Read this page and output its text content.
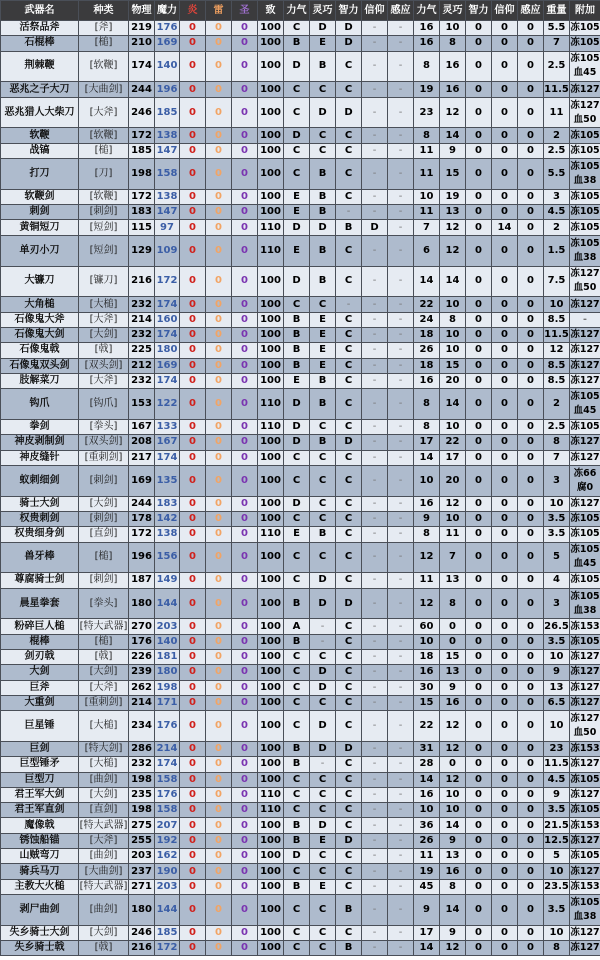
武器名	种类	物理	魔力	炎	雷	圣	致	力气	灵巧	智力	信仰	感应	力气	灵巧	智力	信仰	感应	重量	附加
活祭品斧	[斧]	219	176	0	0	0	100	C	D	D	-	-	16	10	0	0	0	5.5	冻105

石棍棒	[槌]	210	169	0	0	0	100	B	E	D	-	-	16	8	0	0	0	7	冻105

荆棘鞭	[软鞭]	174	140	0	0	0	100	D	B	C	-	-	8	16	0	0	0	2.5	冻105
血45

恶兆之子大刀	[大曲剑]	244	196	0	0	0	100	C	C	C	-	-	19	16	0	0	0	11.5	冻127

恶兆猎人大柴刀	[大斧]	246	185	0	0	0	100	C	D	D	-	-	23	12	0	0	0	11	冻127
血50

软鞭	[软鞭]	172	138	0	0	0	100	D	C	C	-	-	8	14	0	0	0	2	冻105

战镐	[槌]	185	147	0	0	0	100	C	C	C	-	-	11	9	0	0	0	2.5	冻105

打刀	[刀]	198	158	0	0	0	100	C	B	C	-	-	11	15	0	0	0	5.5	冻105
血38

软鞭剑	[软鞭]	172	138	0	0	0	100	E	B	C	-	-	10	19	0	0	0	3	冻105

刺剑	[刺剑]	183	147	0	0	0	100	E	B	-	-	-	11	13	0	0	0	4.5	冻105

黄铜短刀	[短剑]	115	97	0	0	0	110	D	D	B	D	-	7	12	0	14	0	2	冻105

单刃小刀	[短剑]	129	109	0	0	0	110	E	B	C	-	-	6	12	0	0	0	1.5	冻105
血38

大镰刀	[镰刀]	216	172	0	0	0	100	D	B	C	-	-	14	14	0	0	0	7.5	冻127
血50

大角槌	[大槌]	232	174	0	0	0	100	C	C	-	-	-	22	10	0	0	0	10	冻127

石像鬼大斧	[大斧]	214	160	0	0	0	100	B	E	C	-	-	24	8	0	0	0	8.5	-

石像鬼大剑	[大剑]	232	174	0	0	0	100	B	E	C	-	-	18	10	0	0	0	11.5	冻127

石像鬼戟	[戟]	225	180	0	0	0	100	B	E	C	-	-	26	10	0	0	0	12	冻127

石像鬼双头剑	[双头剑]	212	169	0	0	0	100	B	E	C	-	-	18	15	0	0	0	8.5	冻127

肢解菜刀	[大斧]	232	174	0	0	0	100	E	B	C	-	-	16	20	0	0	0	8.5	冻127

钩爪	[钩爪]	153	122	0	0	0	110	D	B	C	-	-	8	14	0	0	0	2	冻105
血45

拳剑	[拳头]	167	133	0	0	0	110	D	C	C	-	-	8	10	0	0	0	2.5	冻105

神皮剥制剑	[双头剑]	208	167	0	0	0	100	D	B	D	-	-	17	22	0	0	0	8	冻127

神皮缝针	[重刺剑]	217	174	0	0	0	100	C	C	C	-	-	14	17	0	0	0	7	冻127

蚁刺细剑	[刺剑]	169	135	0	0	0	100	C	C	C	-	-	10	20	0	0	0	3	冻66
腐0

骑士大剑	[大剑]	244	183	0	0	0	100	D	C	C	-	-	16	12	0	0	0	10	冻127

权贵刺剑	[刺剑]	178	142	0	0	0	100	C	C	C	-	-	9	10	0	0	0	3.5	冻105

权贵细身剑	[直剑]	172	138	0	0	0	110	E	B	C	-	-	8	11	0	0	0	3.5	冻105

兽牙棒	[槌]	196	156	0	0	0	100	C	C	C	-	-	12	7	0	0	0	5	冻105
血45

尊腐骑士剑	[刺剑]	187	149	0	0	0	100	C	D	C	-	-	11	13	0	0	0	4	冻105

晨星拳套	[拳头]	180	144	0	0	0	100	B	D	D	-	-	12	8	0	0	0	3	冻105
血38

粉碎巨人槌	[特大武器]	270	203	0	0	0	100	A	-	C	-	-	60	0	0	0	0	26.5	冻153

棍棒	[槌]	176	140	0	0	0	100	B	-	C	-	-	10	0	0	0	0	3.5	冻105

剑刃戟	[戟]	226	181	0	0	0	100	C	C	C	-	-	18	15	0	0	0	10	冻127

大剑	[大剑]	239	180	0	0	0	100	C	D	C	-	-	16	13	0	0	0	9	冻127

巨斧	[大斧]	262	198	0	0	0	100	C	D	C	-	-	30	9	0	0	0	13	冻127

大重剑	[重刺剑]	214	171	0	0	0	100	C	C	C	-	-	15	16	0	0	0	6.5	冻127

巨星锤	[大槌]	234	176	0	0	0	100	C	D	C	-	-	22	12	0	0	0	10	冻127
血50

巨剑	[特大剑]	286	214	0	0	0	100	B	D	D	-	-	31	12	0	0	0	23	冻153

巨型锤矛	[大槌]	232	174	0	0	0	100	B	-	C	-	-	28	0	0	0	0	11.5	冻127

巨型刀	[曲剑]	198	158	0	0	0	100	C	C	C	-	-	14	12	0	0	0	4.5	冻105

君王军大剑	[大剑]	235	176	0	0	0	110	C	C	C	-	-	16	10	0	0	0	9	冻127

君王军直剑	[直剑]	198	158	0	0	0	110	C	C	C	-	-	10	10	0	0	0	3.5	冻105

魔像戟	[特大武器]	275	207	0	0	0	100	B	D	C	-	-	36	14	0	0	0	21.5	冻153

锈蚀船锚	[大斧]	255	192	0	0	0	100	B	E	D	-	-	26	9	0	0	0	12.5	冻127

山贼弯刀	[曲剑]	203	162	0	0	0	100	D	C	C	-	-	11	13	0	0	0	5	冻105

骑兵马刀	[大曲剑]	237	190	0	0	0	100	C	C	C	-	-	19	16	0	0	0	10	冻127

主教大火槌	[特大武器]	271	203	0	0	0	100	B	E	C	-	-	45	8	0	0	0	23.5	冻153

剥尸曲剑	[曲剑]	180	144	0	0	0	100	C	C	B	-	-	9	14	0	0	0	3.5	冻105
血38

失乡骑士大剑	[大剑]	246	185	0	0	0	100	C	C	C	-	-	17	9	0	0	0	10	冻127

失乡骑士戟	[戟]	216	172	0	0	0	100	C	C	B	-	-	14	12	0	0	0	8	冻127
